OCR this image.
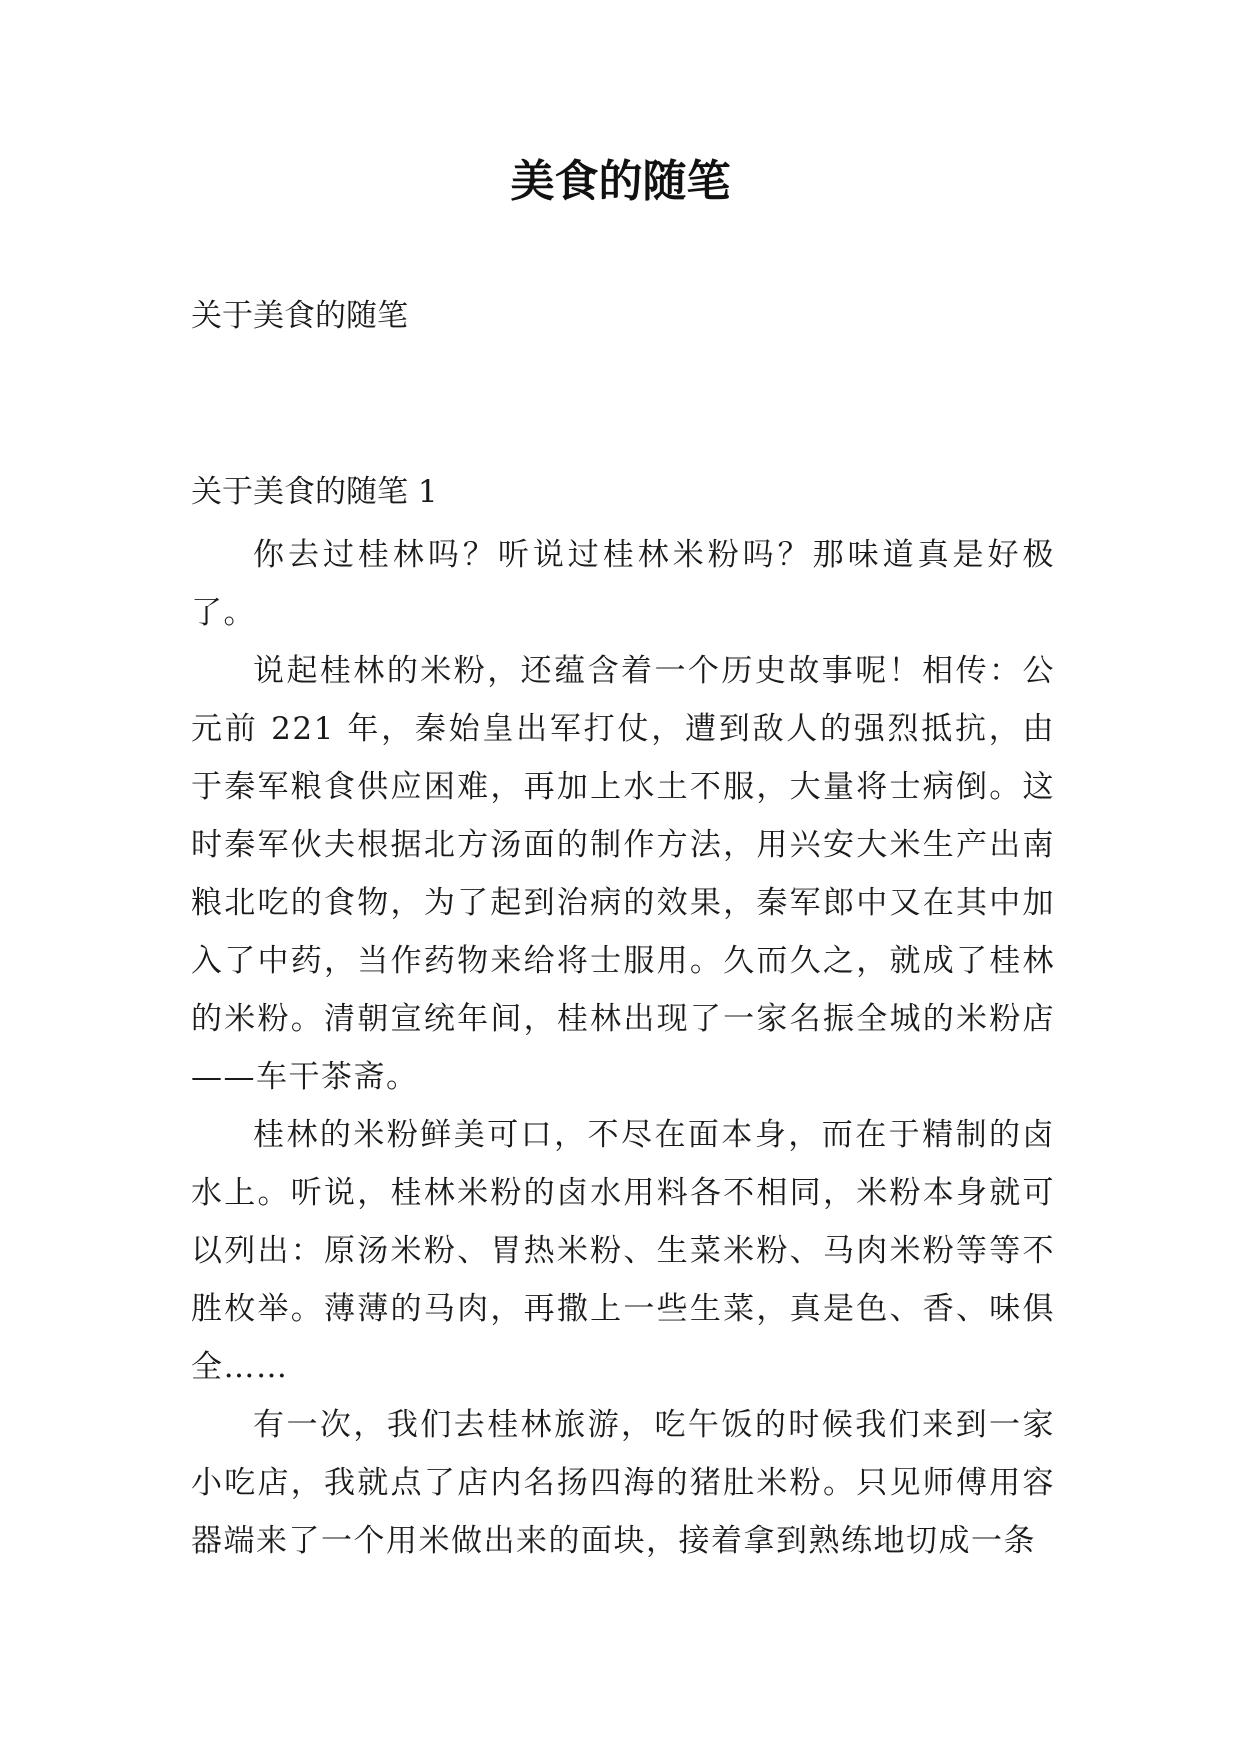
美食的随笔

关于美食的随笔

关于美食的随笔 1

你去过桂林吗？听说过桂林米粉吗？那味道真是好极了。

说起桂林的米粉，还蕴含着一个历史故事呢！相传：公元前 221 年，秦始皇出军打仗，遭到敌人的强烈抵抗，由于秦军粮食供应困难，再加上水土不服，大量将士病倒。这时秦军伙夫根据北方汤面的制作方法，用兴安大米生产出南粮北吃的食物，为了起到治病的效果，秦军郎中又在其中加入了中药，当作药物来给将士服用。久而久之，就成了桂林的米粉。清朝宣统年间，桂林出现了一家名振全城的米粉店——车干茶斋。

桂林的米粉鲜美可口，不尽在面本身，而在于精制的卤水上。听说，桂林米粉的卤水用料各不相同，米粉本身就可以列出：原汤米粉、胃热米粉、生菜米粉、马肉米粉等等不胜枚举。薄薄的马肉，再撒上一些生菜，真是色、香、味俱全……

有一次，我们去桂林旅游，吃午饭的时候我们来到一家小吃店，我就点了店内名扬四海的猪肚米粉。只见师傅用容器端来了一个用米做出来的面块，接着拿到熟练地切成一条
